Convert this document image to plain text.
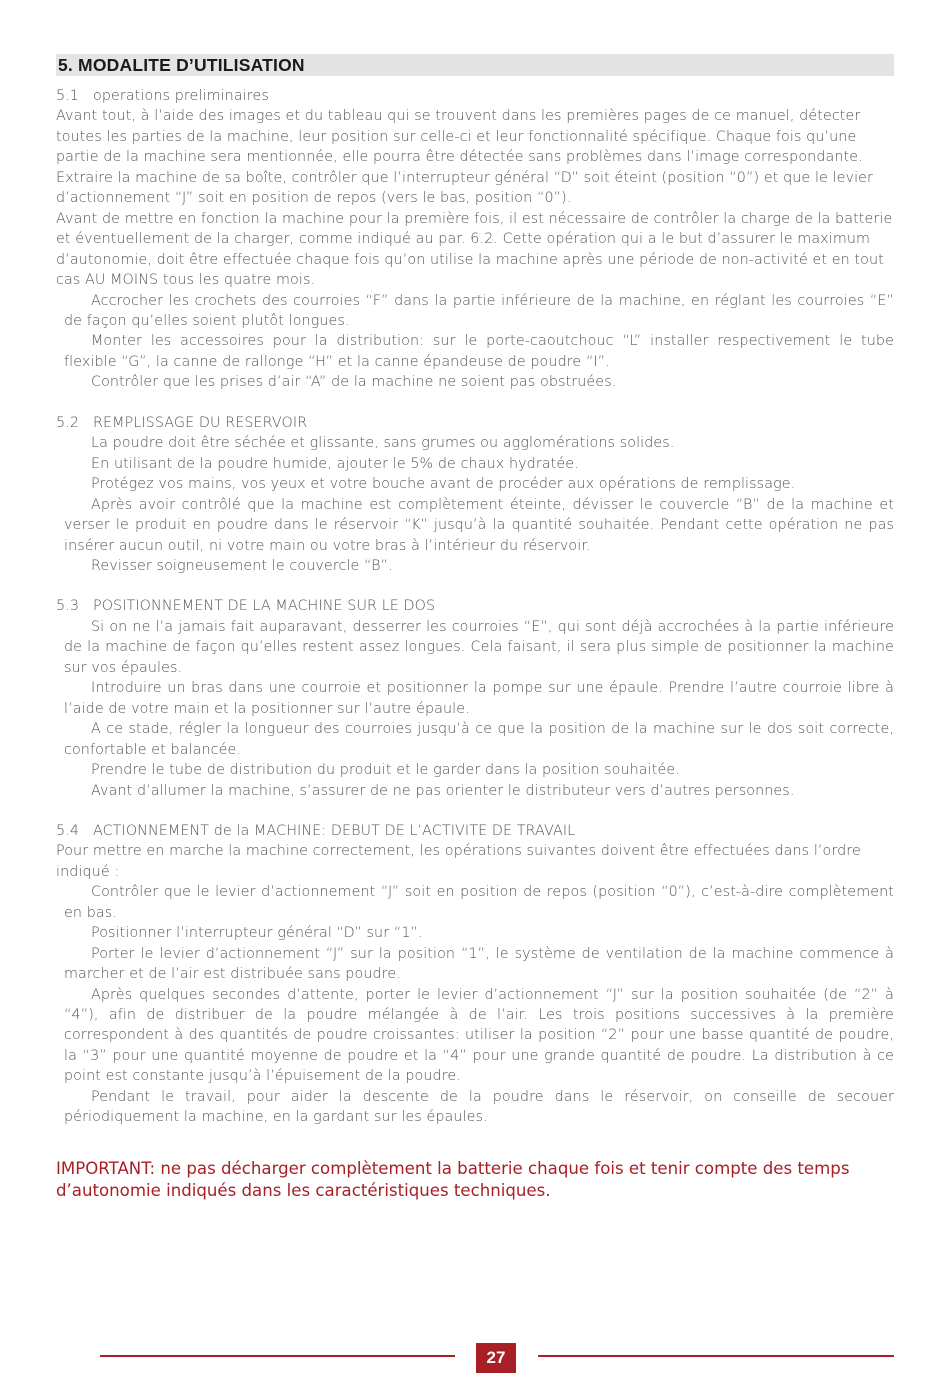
5. MODALITE D’UTILISATION

5.1   operations preliminaires

Avant tout, à l’aide des images et du tableau qui se trouvent dans les premières pages de ce manuel, détecter toutes les parties de la machine, leur position sur celle-ci et leur fonctionnalité spécifique. Chaque fois qu’une partie de la machine sera mentionnée, elle pourra être détectée sans problèmes dans l’image correspondante.

Extraire la machine de sa boîte, contrôler que l’interrupteur général “D” soit éteint (position “0”) et que le levier d’actionnement “J” soit en position de repos (vers le bas, position “0”).

Avant de mettre en fonction la machine pour la première fois, il est nécessaire de contrôler la charge de la batterie et éventuellement de la charger, comme indiqué au par. 6.2. Cette opération qui a le but d’assurer le maximum d’autonomie, doit être effectuée chaque fois qu’on utilise la machine après une période de non-activité et en tout cas AU MOINS tous les quatre mois.

Accrocher les crochets des courroies “F” dans la partie inférieure de la machine, en réglant les courroies “E” de façon qu’elles soient plutôt longues.

Monter les accessoires pour la distribution: sur le porte-caoutchouc “L” installer respectivement le tube flexible “G”, la canne de rallonge “H” et la canne épandeuse de poudre “I”.

Contrôler que les prises d’air “A” de la machine ne soient pas obstruées.

5.2   REMPLISSAGE DU RESERVOIR

La poudre doit être séchée et glissante, sans grumes ou agglomérations solides.

En utilisant de la poudre humide, ajouter le 5% de chaux hydratée.

Protégez vos mains, vos yeux et votre bouche avant de procéder aux opérations de remplissage.

Après avoir contrôlé que la machine est complètement éteinte, dévisser le couvercle “B” de la machine et verser le produit en poudre dans le réservoir “K” jusqu’à la quantité souhaitée. Pendant cette opération ne pas insérer aucun outil, ni votre main ou votre bras à l’intérieur du réservoir.

Revisser soigneusement le couvercle “B”.

5.3   POSITIONNEMENT DE LA MACHINE SUR LE DOS

Si on ne l’a jamais fait auparavant, desserrer les courroies “E”, qui sont déjà accrochées à la partie inférieure de la machine de façon qu’elles restent assez longues. Cela faisant, il sera plus simple de positionner la machine sur vos épaules.

Introduire un bras dans une courroie et positionner la pompe sur une épaule. Prendre l’autre courroie libre à l’aide de votre main et la positionner sur l’autre épaule.

A ce stade, régler la longueur des courroies jusqu’à ce que la position de la machine sur le dos soit correcte, confortable et balancée.

Prendre le tube de distribution du produit et le garder dans la position souhaitée.

Avant d’allumer la machine, s’assurer de ne pas orienter le distributeur vers d’autres personnes.

5.4   ACTIONNEMENT de la MACHINE: DEBUT DE L’ACTIVITE DE TRAVAIL

Pour mettre en marche la machine correctement, les opérations suivantes doivent être effectuées dans l’ordre indiqué :

Contrôler que le levier d’actionnement “J” soit en position de repos (position “0”), c’est-à-dire complètement en bas.

Positionner l’interrupteur général “D” sur “1”.

Porter le levier d’actionnement “J” sur la position “1”, le système de ventilation de la machine commence à marcher et de l’air est distribuée sans poudre.

Après quelques secondes d’attente, porter le levier d’actionnement “J” sur la position souhaitée (de “2” à “4”), afin de distribuer de la poudre mélangée à de l’air. Les trois positions successives à la première correspondent à des quantités de poudre croissantes: utiliser la position “2” pour une basse quantité de poudre, la “3” pour une quantité moyenne de poudre et la “4” pour une grande quantité de poudre. La distribution à ce point est constante jusqu’à l’épuisement de la poudre.

Pendant le travail, pour aider la descente de la poudre dans le réservoir, on conseille de secouer périodiquement la machine, en la gardant sur les épaules.

IMPORTANT: ne pas décharger complètement la batterie chaque fois et tenir compte des temps d’autonomie indiqués dans les caractéristiques techniques.
27
